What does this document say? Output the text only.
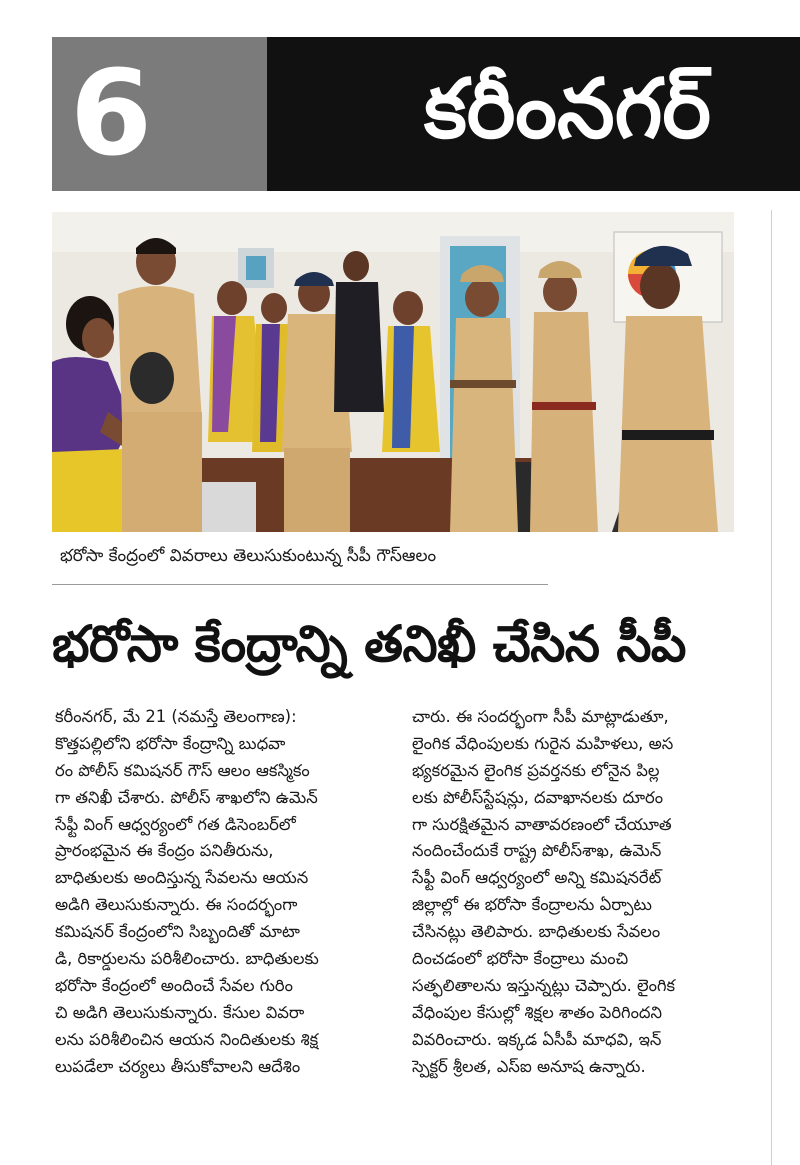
6	కరీంనగర్
భరోసా కేంద్రంలో వివరాలు తెలుసుకుంటున్న సీపీ గౌస్‌ఆలం
భరోసా కేంద్రాన్ని తనిఖీ చేసిన సీపీ
కరీంనగర్, మే 21 (నమస్తే తెలంగాణ):
కొత్తపల్లిలోని భరోసా కేంద్రాన్ని బుధవా
రం పోలీస్ కమిషనర్ గౌస్ ఆలం ఆకస్మికం
గా తనిఖీ చేశారు. పోలీస్ శాఖలోని ఉమెన్
సేఫ్టీ వింగ్ ఆధ్వర్యంలో గత డిసెంబర్‌లో
ప్రారంభమైన ఈ కేంద్రం పనితీరును,
బాధితులకు అందిస్తున్న సేవలను ఆయన
అడిగి తెలుసుకున్నారు. ఈ సందర్భంగా
కమిషనర్ కేంద్రంలోని సిబ్బందితో మాటా
డి, రికార్డులను పరిశీలించారు. బాధితులకు
భరోసా కేంద్రంలో అందించే సేవల గురిం
చి అడిగి తెలుసుకున్నారు. కేసుల వివరా
లను పరిశీలించిన ఆయన నిందితులకు శిక్ష
లుపడేలా చర్యలు తీసుకోవాలని ఆదేశిం
చారు. ఈ సందర్భంగా సీపీ మాట్లాడుతూ,
లైంగిక వేధింపులకు గురైన మహిళలు, అస
భ్యకరమైన లైంగిక ప్రవర్తనకు లోనైన పిల్ల
లకు పోలీస్‌స్టేషన్లు, దవాఖానలకు దూరం
గా సురక్షితమైన వాతావరణంలో చేయూత
నందించేందుకే రాష్ట్ర పోలీస్‌శాఖ, ఉమెన్
సేఫ్టీ వింగ్ ఆధ్వర్యంలో అన్ని కమిషనరేట్
జిల్లాల్లో ఈ భరోసా కేంద్రాలను ఏర్పాటు
చేసినట్లు తెలిపారు. బాధితులకు సేవలం
దించడంలో భరోసా కేంద్రాలు మంచి
సత్ఫలితాలను ఇస్తున్నట్లు చెప్పారు. లైంగిక
వేధింపుల కేసుల్లో శిక్షల శాతం పెరిగిందని
వివరించారు. ఇక్కడ ఏసీపీ మాధవి, ఇన్
స్పెక్టర్ శ్రీలత, ఎస్‌ఐ అనూష ఉన్నారు.
